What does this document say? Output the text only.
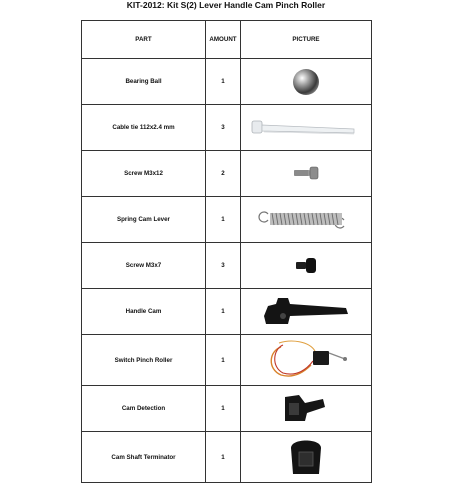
KIT-2012: Kit S(2) Lever Handle Cam Pinch Roller
PART	AMOUNT	PICTURE
Bearing Ball	1	

Cable tie 112x2.4 mm	3	

Screw M3x12	2	

Spring Cam Lever	1	

Screw M3x7	3	

Handle Cam	1	

Switch Pinch Roller	1	

Cam Detection	1	

Cam Shaft Terminator	1	
